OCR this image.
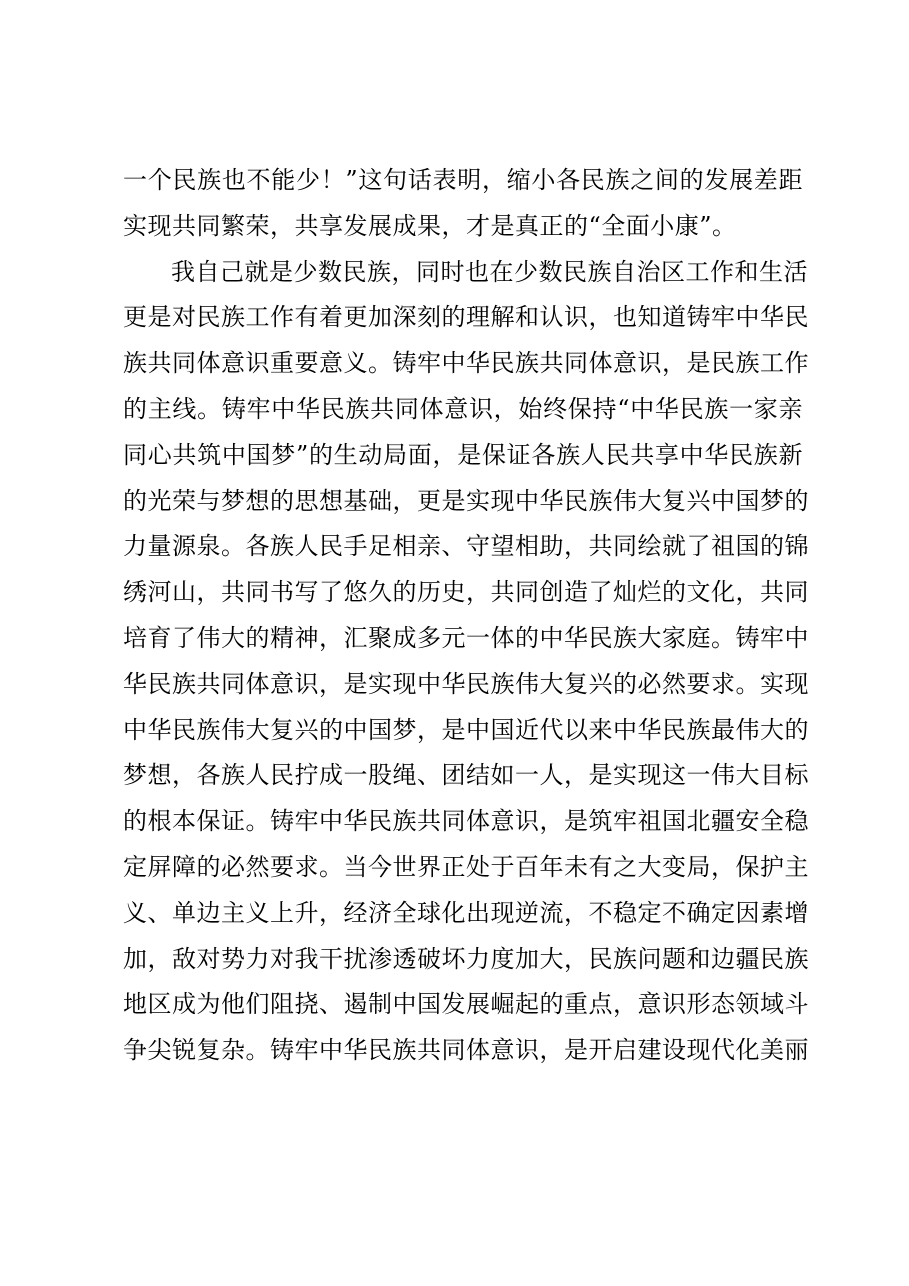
一个民族也不能少！”这句话表明，缩小各民族之间的发展差距
实现共同繁荣，共享发展成果，才是真正的“全面小康”。
我自己就是少数民族，同时也在少数民族自治区工作和生活
更是对民族工作有着更加深刻的理解和认识，也知道铸牢中华民
族共同体意识重要意义。铸牢中华民族共同体意识，是民族工作
的主线。铸牢中华民族共同体意识，始终保持“中华民族一家亲
同心共筑中国梦”的生动局面，是保证各族人民共享中华民族新
的光荣与梦想的思想基础，更是实现中华民族伟大复兴中国梦的
力量源泉。各族人民手足相亲、守望相助，共同绘就了祖国的锦
绣河山，共同书写了悠久的历史，共同创造了灿烂的文化，共同
培育了伟大的精神，汇聚成多元一体的中华民族大家庭。铸牢中
华民族共同体意识，是实现中华民族伟大复兴的必然要求。实现
中华民族伟大复兴的中国梦，是中国近代以来中华民族最伟大的
梦想，各族人民拧成一股绳、团结如一人，是实现这一伟大目标
的根本保证。铸牢中华民族共同体意识，是筑牢祖国北疆安全稳
定屏障的必然要求。当今世界正处于百年未有之大变局，保护主
义、单边主义上升，经济全球化出现逆流，不稳定不确定因素增
加，敌对势力对我干扰渗透破坏力度加大，民族问题和边疆民族
地区成为他们阻挠、遏制中国发展崛起的重点，意识形态领域斗
争尖锐复杂。铸牢中华民族共同体意识，是开启建设现代化美丽
